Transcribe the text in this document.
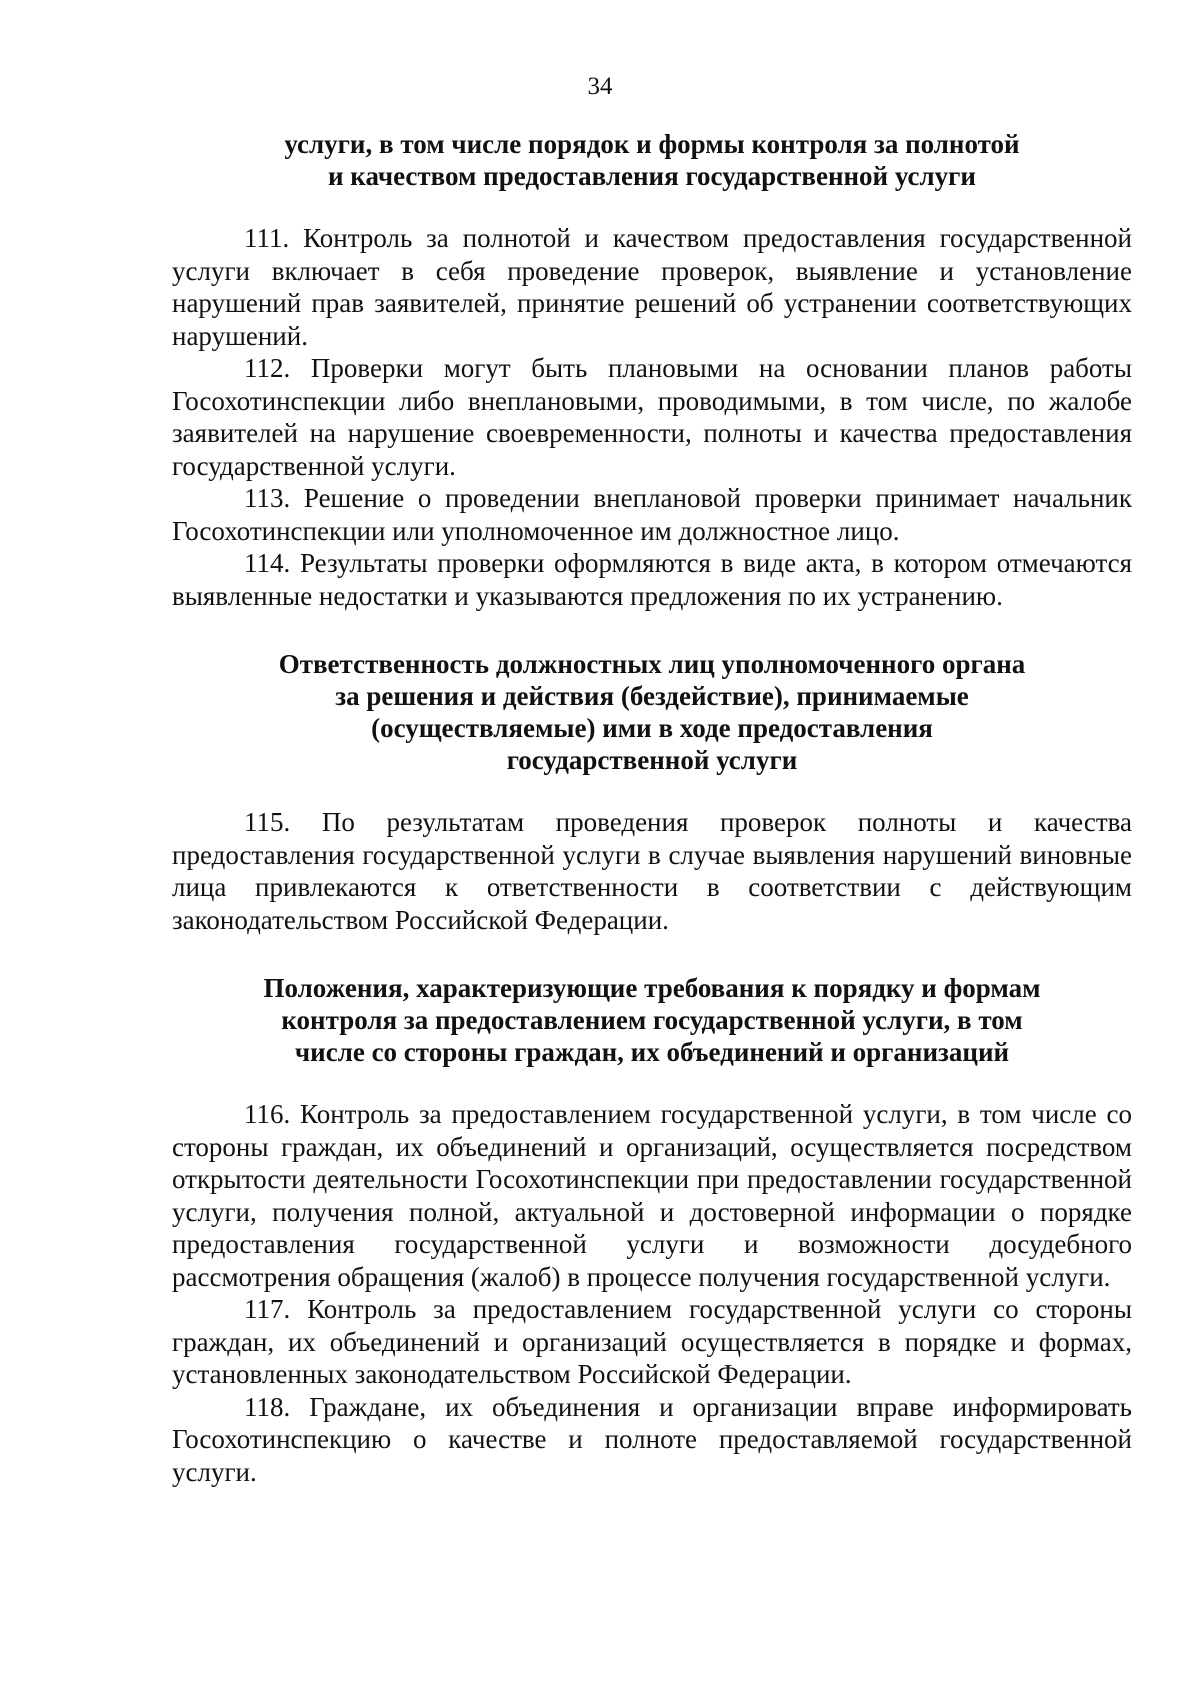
34
услуги, в том числе порядок и формы контроля за полнотой
и качеством предоставления государственной услуги

111. Контроль за полнотой и качеством предоставления государственной услуги включает в себя проведение проверок, выявление и установление нарушений прав заявителей, принятие решений об устранении соответствующих нарушений.

112. Проверки могут быть плановыми на основании планов работы Госохотинспекции либо внеплановыми, проводимыми, в том числе, по жалобе заявителей на нарушение своевременности, полноты и качества предоставления государственной услуги.

113. Решение о проведении внеплановой проверки принимает начальник Госохотинспекции или уполномоченное им должностное лицо.

114. Результаты проверки оформляются в виде акта, в котором отмечаются выявленные недостатки и указываются предложения по их устранению.

Ответственность должностных лиц уполномоченного органа
за решения и действия (бездействие), принимаемые
(осуществляемые) ими в ходе предоставления
государственной услуги

115. По результатам проведения проверок полноты и качества предоставления государственной услуги в случае выявления нарушений виновные лица привлекаются к ответственности в соответствии с действующим законодательством Российской Федерации.

Положения, характеризующие требования к порядку и формам
контроля за предоставлением государственной услуги, в том
числе со стороны граждан, их объединений и организаций

116. Контроль за предоставлением государственной услуги, в том числе со стороны граждан, их объединений и организаций, осуществляется посредством открытости деятельности Госохотинспекции при предоставлении государственной услуги, получения полной, актуальной и достоверной информации о порядке предоставления государственной услуги и возможности досудебного рассмотрения обращения (жалоб) в процессе получения государственной услуги.

117. Контроль за предоставлением государственной услуги со стороны граждан, их объединений и организаций осуществляется в порядке и формах, установленных законодательством Российской Федерации.

118. Граждане, их объединения и организации вправе информировать Госохотинспекцию о качестве и полноте предоставляемой государственной услуги.
